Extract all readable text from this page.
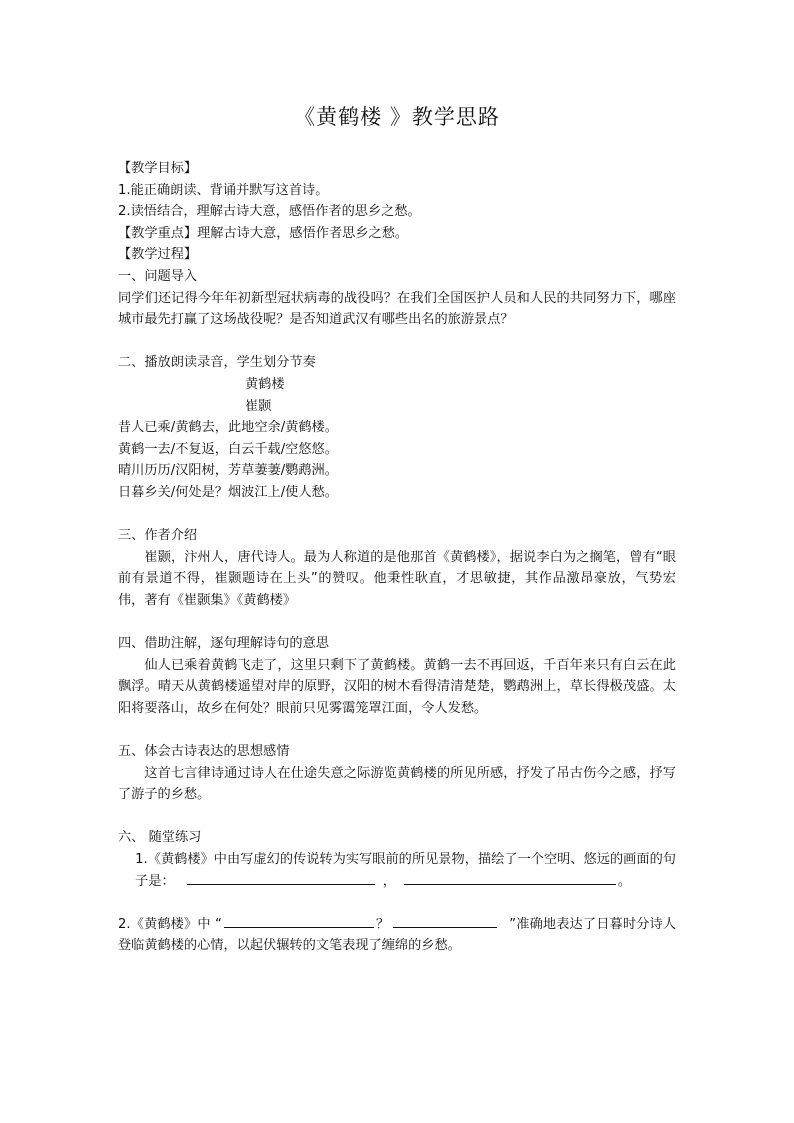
《黄鹤楼 》教学思路

【教学目标】

1.能正确朗读、背诵并默写这首诗。

2.读悟结合，理解古诗大意，感悟作者的思乡之愁。

【教学重点】理解古诗大意，感悟作者思乡之愁。

【教学过程】

一、问题导入

同学们还记得今年年初新型冠状病毒的战役吗？在我们全国医护人员和人民的共同努力下，哪座城市最先打赢了这场战役呢？是否知道武汉有哪些出名的旅游景点？

二、播放朗读录音，学生划分节奏

黄鹤楼

崔颢

昔人已乘/黄鹤去，此地空余/黄鹤楼。

黄鹤一去/不复返，白云千载/空悠悠。

晴川历历/汉阳树，芳草萋萋/鹦鹉洲。

日暮乡关/何处是？烟波江上/使人愁。

三、作者介绍

崔颢，汴州人，唐代诗人。最为人称道的是他那首《黄鹤楼》，据说李白为之搁笔，曾有“眼前有景道不得，崔颢题诗在上头”的赞叹。他秉性耿直，才思敏捷，其作品激昂豪放，气势宏伟，著有《崔颢集》《黄鹤楼》

四、借助注解，逐句理解诗句的意思

仙人已乘着黄鹤飞走了，这里只剩下了黄鹤楼。黄鹤一去不再回返，千百年来只有白云在此飘浮。晴天从黄鹤楼遥望对岸的原野，汉阳的树木看得清清楚楚，鹦鹉洲上，草长得极茂盛。太阳将要落山，故乡在何处？眼前只见雾霭笼罩江面，令人发愁。

五、体会古诗表达的思想感情

这首七言律诗通过诗人在仕途失意之际游览黄鹤楼的所见所感，抒发了吊古伤今之感，抒写了游子的乡愁。

六、 随堂练习

1.《黄鹤楼》中由写虚幻的传说转为实写眼前的所见景物，描绘了一个空明、悠远的画面的句子是：	，	。

2.《黄鹤楼》中 “	？	”准确地表达了日暮时分诗人登临黄鹤楼的心情，以起伏辗转的文笔表现了缠绵的乡愁。
